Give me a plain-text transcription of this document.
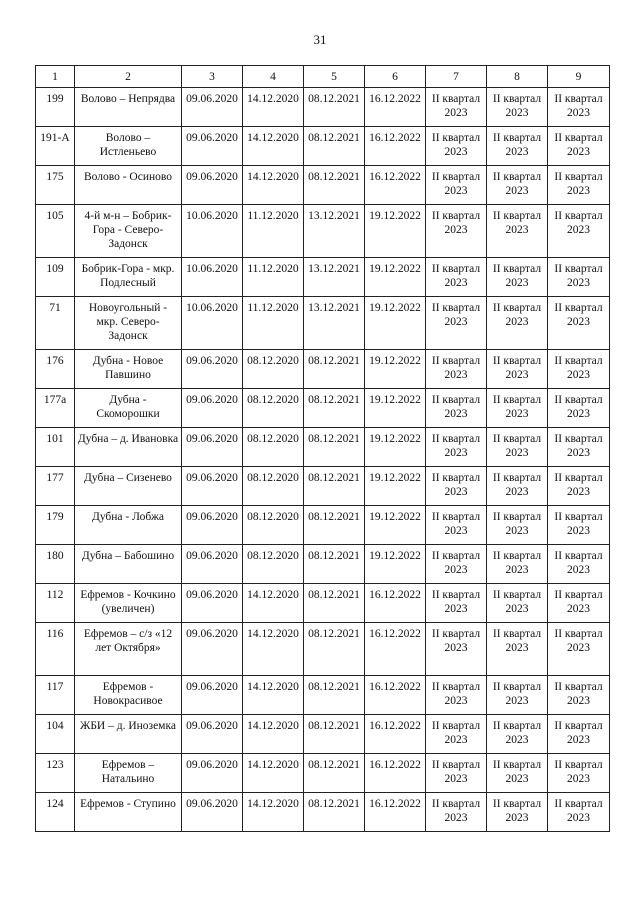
31
1	2	3	4	5	6	7	8	9
199	Волово – Непрядва	09.06.2020	14.12.2020	08.12.2021	16.12.2022	II квартал 2023	II квартал 2023	II квартал 2023
191-А	Волово – Истленьево	09.06.2020	14.12.2020	08.12.2021	16.12.2022	II квартал 2023	II квартал 2023	II квартал 2023
175	Волово - Осиново	09.06.2020	14.12.2020	08.12.2021	16.12.2022	II квартал 2023	II квартал 2023	II квартал 2023
105	4-й м-н – Бобрик-Гора - Северо-Задонск	10.06.2020	11.12.2020	13.12.2021	19.12.2022	II квартал 2023	II квартал 2023	II квартал 2023
109	Бобрик-Гора - мкр. Подлесный	10.06.2020	11.12.2020	13.12.2021	19.12.2022	II квартал 2023	II квартал 2023	II квартал 2023
71	Новоугольный - мкр. Северо-Задонск	10.06.2020	11.12.2020	13.12.2021	19.12.2022	II квартал 2023	II квартал 2023	II квартал 2023
176	Дубна - Новое Павшино	09.06.2020	08.12.2020	08.12.2021	19.12.2022	II квартал 2023	II квартал 2023	II квартал 2023
177а	Дубна - Скоморошки	09.06.2020	08.12.2020	08.12.2021	19.12.2022	II квартал 2023	II квартал 2023	II квартал 2023
101	Дубна – д. Ивановка	09.06.2020	08.12.2020	08.12.2021	19.12.2022	II квартал 2023	II квартал 2023	II квартал 2023
177	Дубна – Сизенево	09.06.2020	08.12.2020	08.12.2021	19.12.2022	II квартал 2023	II квартал 2023	II квартал 2023
179	Дубна - Лобжа	09.06.2020	08.12.2020	08.12.2021	19.12.2022	II квартал 2023	II квартал 2023	II квартал 2023
180	Дубна – Бабошино	09.06.2020	08.12.2020	08.12.2021	19.12.2022	II квартал 2023	II квартал 2023	II квартал 2023
112	Ефремов - Кочкино (увеличен)	09.06.2020	14.12.2020	08.12.2021	16.12.2022	II квартал 2023	II квартал 2023	II квартал 2023
116	Ефремов – с/з «12 лет Октября»	09.06.2020	14.12.2020	08.12.2021	16.12.2022	II квартал 2023	II квартал 2023	II квартал 2023
117	Ефремов - Новокрасивое	09.06.2020	14.12.2020	08.12.2021	16.12.2022	II квартал 2023	II квартал 2023	II квартал 2023
104	ЖБИ – д. Иноземка	09.06.2020	14.12.2020	08.12.2021	16.12.2022	II квартал 2023	II квартал 2023	II квартал 2023
123	Ефремов – Натальино	09.06.2020	14.12.2020	08.12.2021	16.12.2022	II квартал 2023	II квартал 2023	II квартал 2023
124	Ефремов - Ступино	09.06.2020	14.12.2020	08.12.2021	16.12.2022	II квартал 2023	II квартал 2023	II квартал 2023
